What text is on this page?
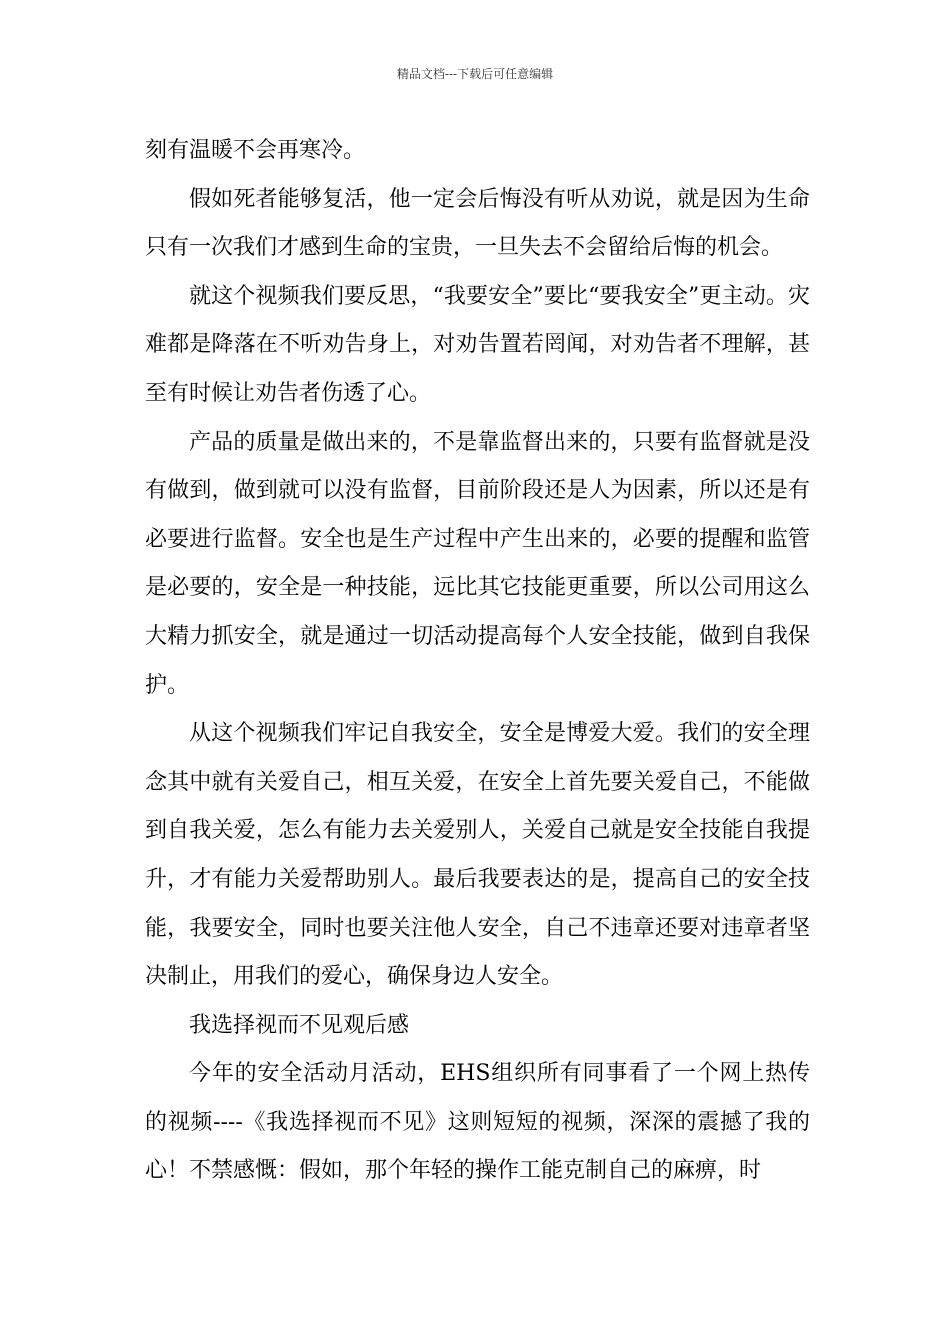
精品文档---下载后可任意编辑

刻有温暖不会再寒冷。

假如死者能够复活，他一定会后悔没有听从劝说，就是因为生命只有一次我们才感到生命的宝贵，一旦失去不会留给后悔的机会。

就这个视频我们要反思，“我要安全”要比“要我安全”更主动。灾难都是降落在不听劝告身上，对劝告置若罔闻，对劝告者不理解，甚至有时候让劝告者伤透了心。

产品的质量是做出来的，不是靠监督出来的，只要有监督就是没有做到，做到就可以没有监督，目前阶段还是人为因素，所以还是有必要进行监督。安全也是生产过程中产生出来的，必要的提醒和监管是必要的，安全是一种技能，远比其它技能更重要，所以公司用这么大精力抓安全，就是通过一切活动提高每个人安全技能，做到自我保护。

从这个视频我们牢记自我安全，安全是博爱大爱。我们的安全理念其中就有关爱自己，相互关爱，在安全上首先要关爱自己，不能做到自我关爱，怎么有能力去关爱别人，关爱自己就是安全技能自我提升，才有能力关爱帮助别人。最后我要表达的是，提高自己的安全技能，我要安全，同时也要关注他人安全，自己不违章还要对违章者坚决制止，用我们的爱心，确保身边人安全。

我选择视而不见观后感

今年的安全活动月活动，EHS组织所有同事看了一个网上热传的视频----《我选择视而不见》这则短短的视频，深深的震撼了我的心！不禁感慨：假如，那个年轻的操作工能克制自己的麻痹，时
